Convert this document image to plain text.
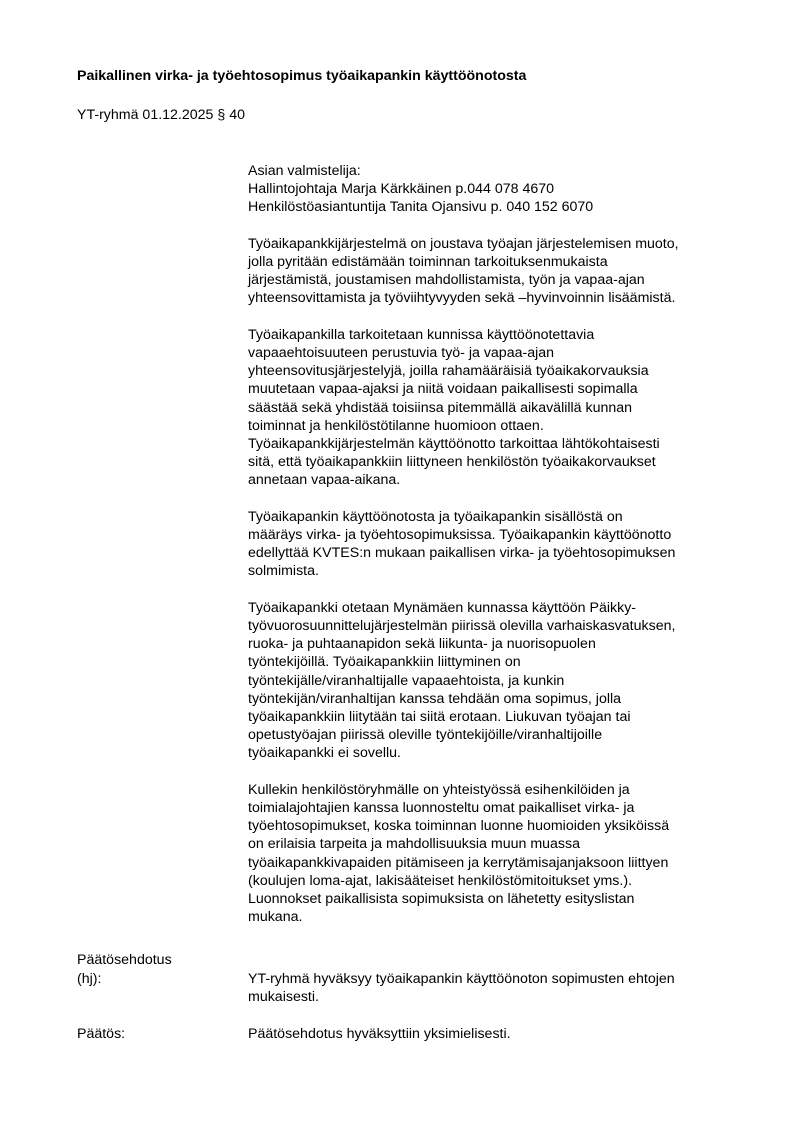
Paikallinen virka- ja työehtosopimus työaikapankin käyttöönotosta
YT-ryhmä 01.12.2025 § 40

Asian valmistelija:
Hallintojohtaja Marja Kärkkäinen p.044 078 4670
Henkilöstöasiantuntija Tanita Ojansivu p. 040 152 6070

Työaikapankkijärjestelmä on joustava työajan järjestelemisen muoto,
jolla pyritään edistämään toiminnan tarkoituksenmukaista
järjestämistä, joustamisen mahdollistamista, työn ja vapaa-ajan
yhteensovittamista ja työviihtyvyyden sekä –hyvinvoinnin lisäämistä.

Työaikapankilla tarkoitetaan kunnissa käyttöönotettavia
vapaaehtoisuuteen perustuvia työ- ja vapaa-ajan
yhteensovitusjärjestelyjä, joilla rahamääräisiä työaikakorvauksia
muutetaan vapaa-ajaksi ja niitä voidaan paikallisesti sopimalla
säästää sekä yhdistää toisiinsa pitemmällä aikavälillä kunnan
toiminnat ja henkilöstötilanne huomioon ottaen.
Työaikapankkijärjestelmän käyttöönotto tarkoittaa lähtökohtaisesti
sitä, että työaikapankkiin liittyneen henkilöstön työaikakorvaukset
annetaan vapaa-aikana.

Työaikapankin käyttöönotosta ja työaikapankin sisällöstä on
määräys virka- ja työehtosopimuksissa. Työaikapankin käyttöönotto
edellyttää KVTES:n mukaan paikallisen virka- ja työehtosopimuksen
solmimista.

Työaikapankki otetaan Mynämäen kunnassa käyttöön Päikky-
työvuorosuunnittelujärjestelmän piirissä olevilla varhaiskasvatuksen,
ruoka- ja puhtaanapidon sekä liikunta- ja nuorisopuolen
työntekijöillä. Työaikapankkiin liittyminen on
työntekijälle/viranhaltijalle vapaaehtoista, ja kunkin
työntekijän/viranhaltijan kanssa tehdään oma sopimus, jolla
työaikapankkiin liitytään tai siitä erotaan. Liukuvan työajan tai
opetustyöajan piirissä oleville työntekijöille/viranhaltijoille
työaikapankki ei sovellu.

Kullekin henkilöstöryhmälle on yhteistyössä esihenkilöiden ja
toimialajohtajien kanssa luonnosteltu omat paikalliset virka- ja
työehtosopimukset, koska toiminnan luonne huomioiden yksiköissä
on erilaisia tarpeita ja mahdollisuuksia muun muassa
työaikapankkivapaiden pitämiseen ja kerrytämisajanjaksoon liittyen
(koulujen loma-ajat, lakisääteiset henkilöstömitoitukset yms.).
Luonnokset paikallisista sopimuksista on lähetetty esityslistan
mukana.

Päätösehdotus
(hj):	YT-ryhmä hyväksyy työaikapankin käyttöönoton sopimusten ehtojen
mukaisesti.
Päätös:	Päätösehdotus hyväksyttiin yksimielisesti.
